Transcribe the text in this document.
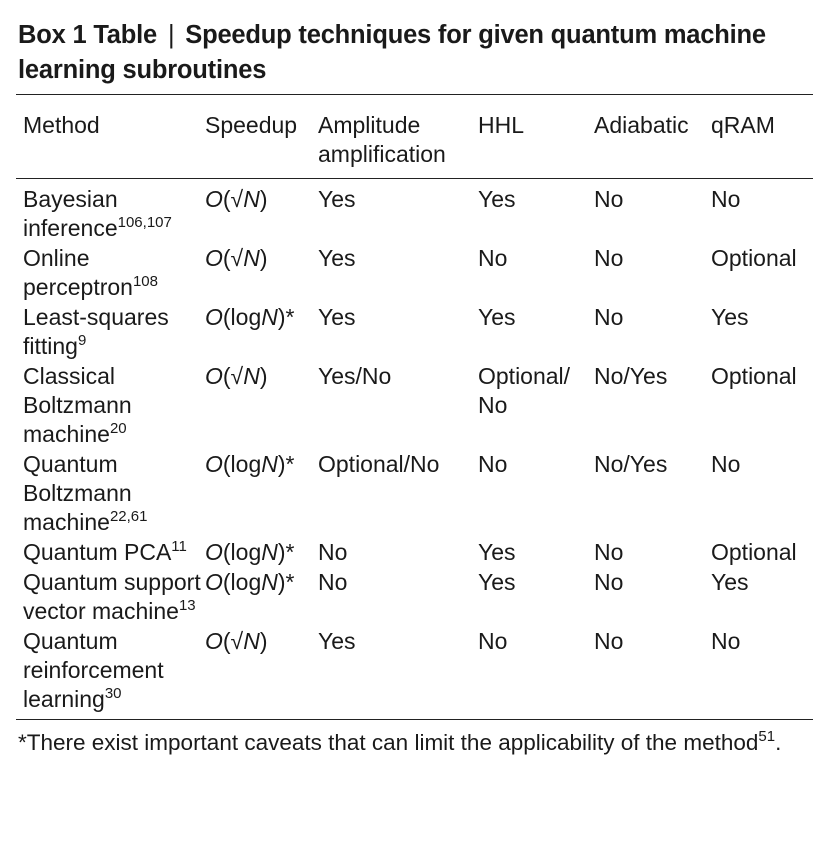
Box 1 Table | Speedup techniques for given quantum machine learning subroutines
Method	Speedup	Amplitude amplification	HHL	Adiabatic	qRAM
Bayesian inference$^{106,107}$	O(√N)	Yes	Yes	No	No
Online perceptron$^{108}$	O(√N)	Yes	No	No	Optional
Least-squares fitting$^9$	O(logN)*	Yes	Yes	No	Yes
Classical Boltzmann machine$^{20}$	O(√N)	Yes/No	Optional/ No	No/Yes	Optional
Quantum Boltzmann machine$^{22,61}$	O(logN)*	Optional/No	No	No/Yes	No
Quantum PCA$^{11}$	O(logN)*	No	Yes	No	Optional
Quantum support vector machine$^{13}$	O(logN)*	No	Yes	No	Yes
Quantum reinforcement learning$^{30}$	O(√N)	Yes	No	No	No
*There exist important caveats that can limit the applicability of the method$^{51}$.
